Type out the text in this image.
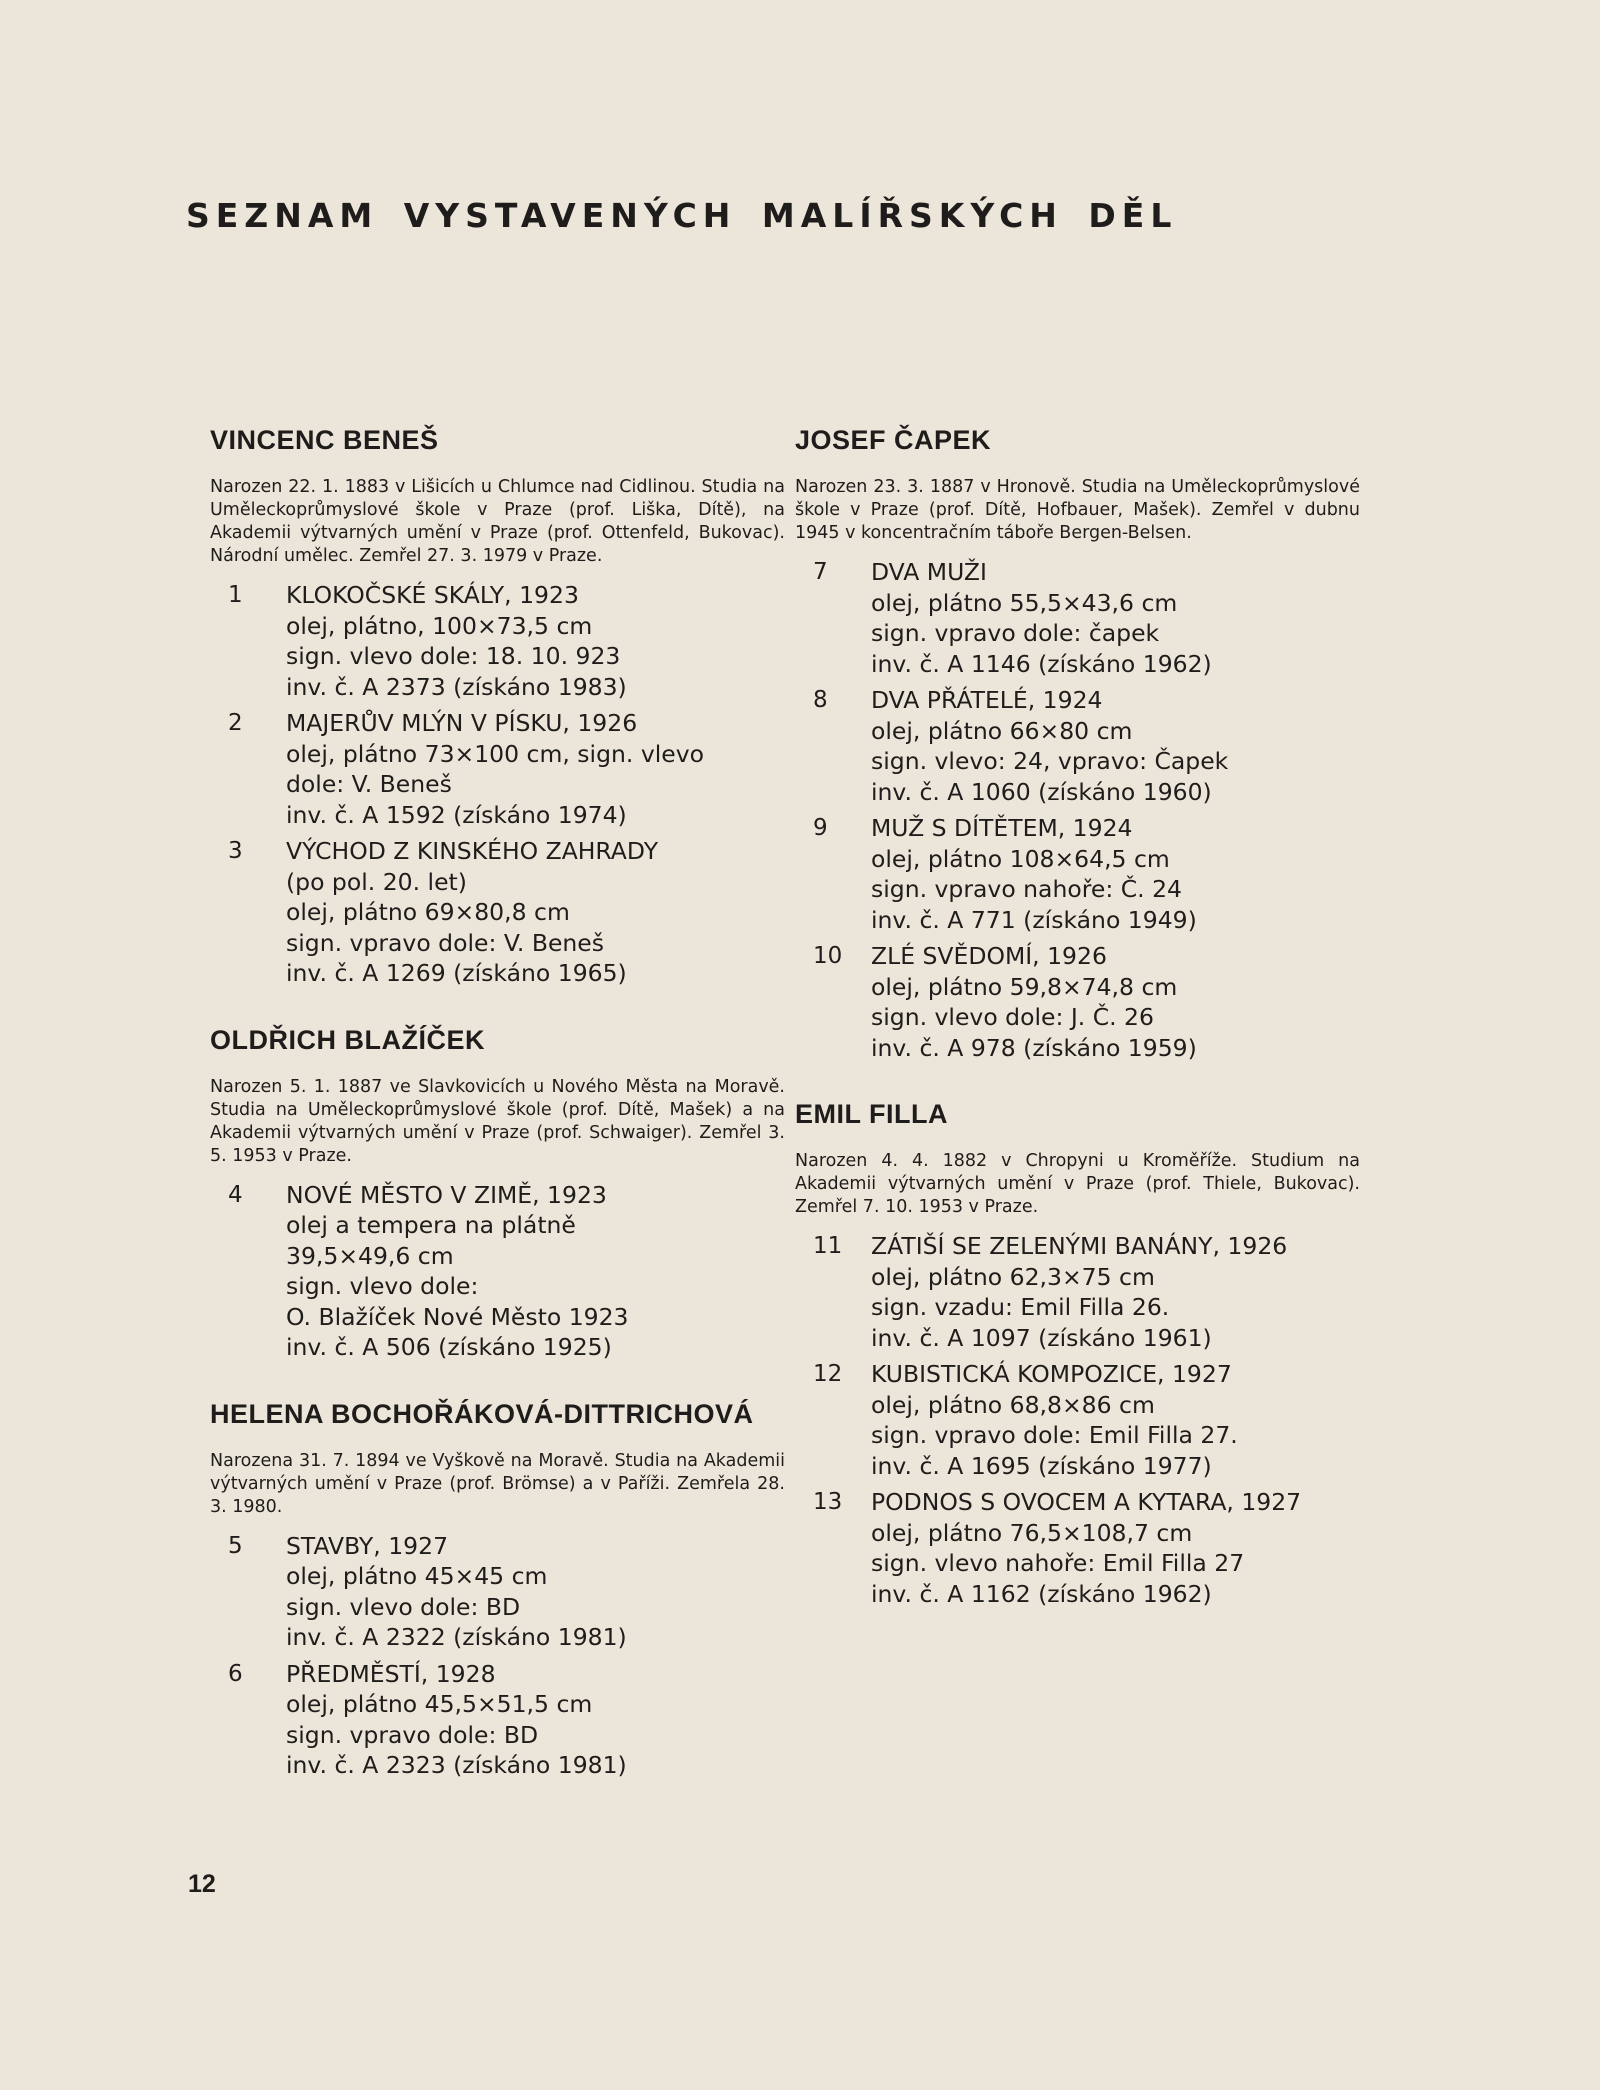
SEZNAM VYSTAVENÝCH MALÍŘSKÝCH DĚL
VINCENC BENEŠ

Narozen 22. 1. 1883 v Lišicích u Chlumce nad Cidlinou. Studia na Uměleckoprůmyslové škole v Praze (prof. Liška, Dítě), na Akademii výtvarných umění v Praze (prof. Ottenfeld, Bukovac). Národní umělec. Zemřel 27. 3. 1979 v Praze.

1	KLOKOČSKÉ SKÁLY, 1923
olej, plátno, 100×73,5 cm
sign. vlevo dole: 18. 10. 923
inv. č. A 2373 (získáno 1983)
2	MAJERŮV MLÝN V PÍSKU, 1926
olej, plátno 73×100 cm, sign. vlevo
dole: V. Beneš
inv. č. A 1592 (získáno 1974)
3	VÝCHOD Z KINSKÉHO ZAHRADY
(po pol. 20. let)
olej, plátno 69×80,8 cm
sign. vpravo dole: V. Beneš
inv. č. A 1269 (získáno 1965)
OLDŘICH BLAŽÍČEK

Narozen 5. 1. 1887 ve Slavkovicích u Nového Města na Moravě. Studia na Uměleckoprůmyslové škole (prof. Dítě, Mašek) a na Akademii výtvarných umění v Praze (prof. Schwaiger). Zemřel 3. 5. 1953 v Praze.

4	NOVÉ MĚSTO V ZIMĚ, 1923
olej a tempera na plátně
39,5×49,6 cm
sign. vlevo dole:
O. Blažíček Nové Město 1923
inv. č. A 506 (získáno 1925)
HELENA BOCHOŘÁKOVÁ-DITTRICHOVÁ

Narozena 31. 7. 1894 ve Vyškově na Moravě. Studia na Akademii výtvarných umění v Praze (prof. Brömse) a v Paříži. Zemřela 28. 3. 1980.

5	STAVBY, 1927
olej, plátno 45×45 cm
sign. vlevo dole: BD
inv. č. A 2322 (získáno 1981)
6	PŘEDMĚSTÍ, 1928
olej, plátno 45,5×51,5 cm
sign. vpravo dole: BD
inv. č. A 2323 (získáno 1981)
JOSEF ČAPEK

Narozen 23. 3. 1887 v Hronově. Studia na Uměleckoprůmyslové škole v Praze (prof. Dítě, Hofbauer, Mašek). Zemřel v dubnu 1945 v koncentračním táboře Bergen-Belsen.

7	DVA MUŽI
olej, plátno 55,5×43,6 cm
sign. vpravo dole: čapek
inv. č. A 1146 (získáno 1962)
8	DVA PŘÁTELÉ, 1924
olej, plátno 66×80 cm
sign. vlevo: 24, vpravo: Čapek
inv. č. A 1060 (získáno 1960)
9	MUŽ S DÍTĚTEM, 1924
olej, plátno 108×64,5 cm
sign. vpravo nahoře: Č. 24
inv. č. A 771 (získáno 1949)
10	ZLÉ SVĚDOMÍ, 1926
olej, plátno 59,8×74,8 cm
sign. vlevo dole: J. Č. 26
inv. č. A 978 (získáno 1959)
EMIL FILLA

Narozen 4. 4. 1882 v Chropyni u Kroměříže. Studium na Akademii výtvarných umění v Praze (prof. Thiele, Bukovac). Zemřel 7. 10. 1953 v Praze.

11	ZÁTIŠÍ SE ZELENÝMI BANÁNY, 1926
olej, plátno 62,3×75 cm
sign. vzadu: Emil Filla 26.
inv. č. A 1097 (získáno 1961)
12	KUBISTICKÁ KOMPOZICE, 1927
olej, plátno 68,8×86 cm
sign. vpravo dole: Emil Filla 27.
inv. č. A 1695 (získáno 1977)
13	PODNOS S OVOCEM A KYTARA, 1927
olej, plátno 76,5×108,7 cm
sign. vlevo nahoře: Emil Filla 27
inv. č. A 1162 (získáno 1962)
12
